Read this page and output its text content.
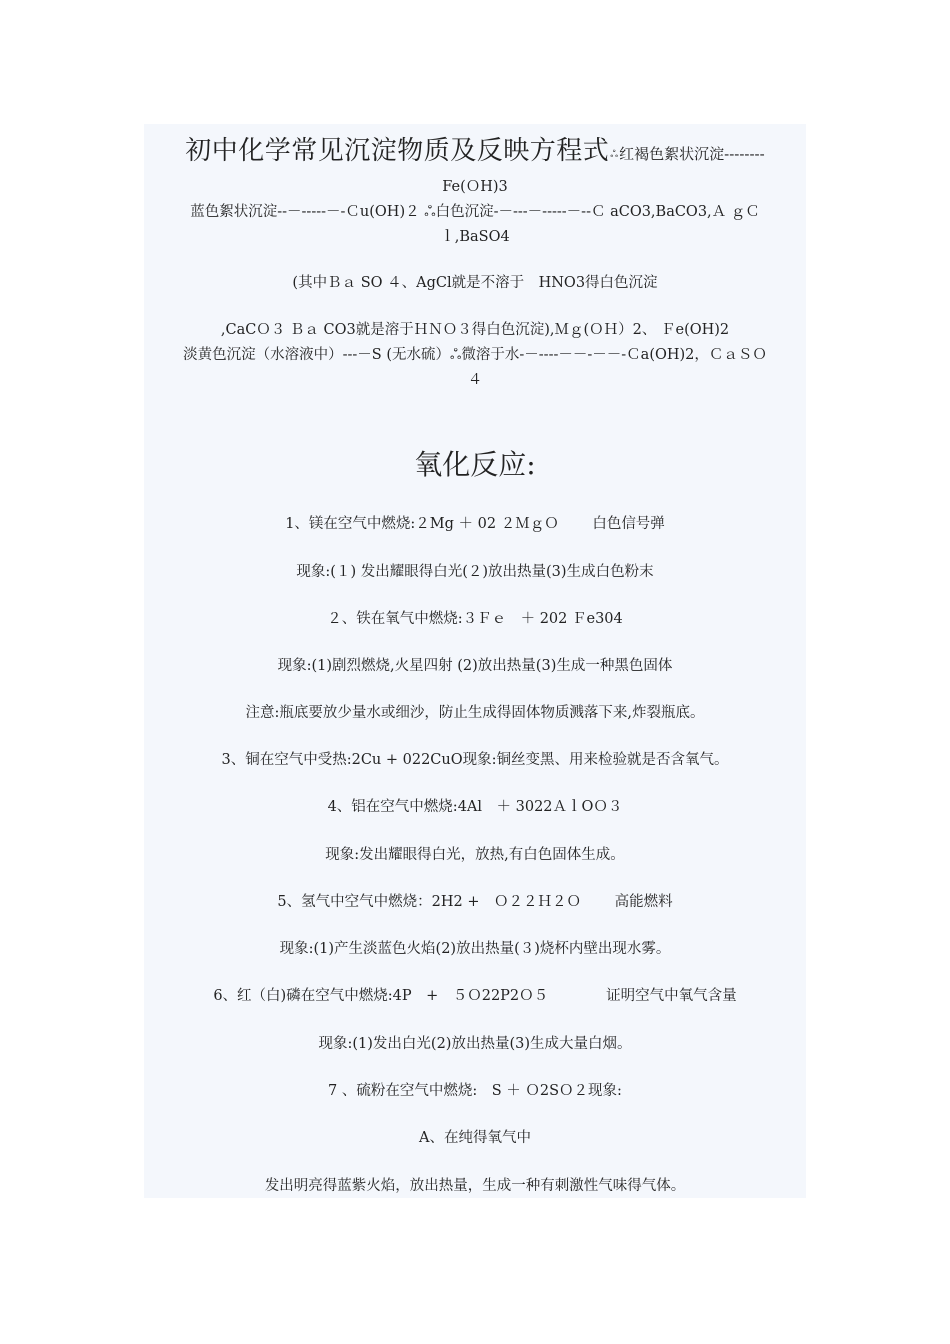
初中化学常见沉淀物质及反映方程式ஃ红褐色絮状沉淀--------
Fe(ＯH)3
蓝色絮状沉淀--－-----－-Ｃu(OH)２ ஃ白色沉淀-－---－-----－--Ｃ aCO3,BaCO3,Ａ ｇＣ
ｌ,BaSO4
(其中Ｂａ SO ４、AgCl就是不溶于　HNO3得白色沉淀
,CaCＯ３ Ｂａ CO3就是溶于ＨＮＯ３得白色沉淀),Ｍｇ(ＯＨ）2、 Ｆe(OH)2
淡黄色沉淀（水溶液中）---－S (无水硫）ஃ微溶于水-－----－－-－－-Ｃa(OH)2，ＣａＳＯ
４
氧化反应:
1、镁在空气中燃烧:２Mg ＋ 02 ２ＭｇＯ　　 白色信号弹
现象:(１) 发出耀眼得白光(２)放出热量(3)生成白色粉末
２、铁在氧气中燃烧:３Ｆｅ　＋ 202 Ｆe304
现象:(1)剧烈燃烧,火星四射 (2)放出热量(3)生成一种黑色固体
注意:瓶底要放少量水或细沙，防止生成得固体物质溅落下来,炸裂瓶底。
3、铜在空气中受热:2Cu + 022CuO现象:铜丝变黑、用来检验就是否含氧气。
4、铝在空气中燃烧:4Al　＋ 3022ＡｌOＯ３
现象:发出耀眼得白光，放热,有白色固体生成。
5、氢气中空气中燃烧：2H2 +　Ｏ２２Ｈ２Ｏ　　 高能燃料
现象:(1)产生淡蓝色火焰(2)放出热量(３)烧杯内壁出现水雾。
6、红（白)磷在空气中燃烧:4P　+　５Ｏ22P2Ｏ５　　　　证明空气中氧气含量
现象:(1)发出白光(2)放出热量(3)生成大量白烟。
7 、硫粉在空气中燃烧:　S ＋ Ｏ2SＯ２现象:
A、在纯得氧气中
发出明亮得蓝紫火焰，放出热量，生成一种有刺激性气味得气体。
